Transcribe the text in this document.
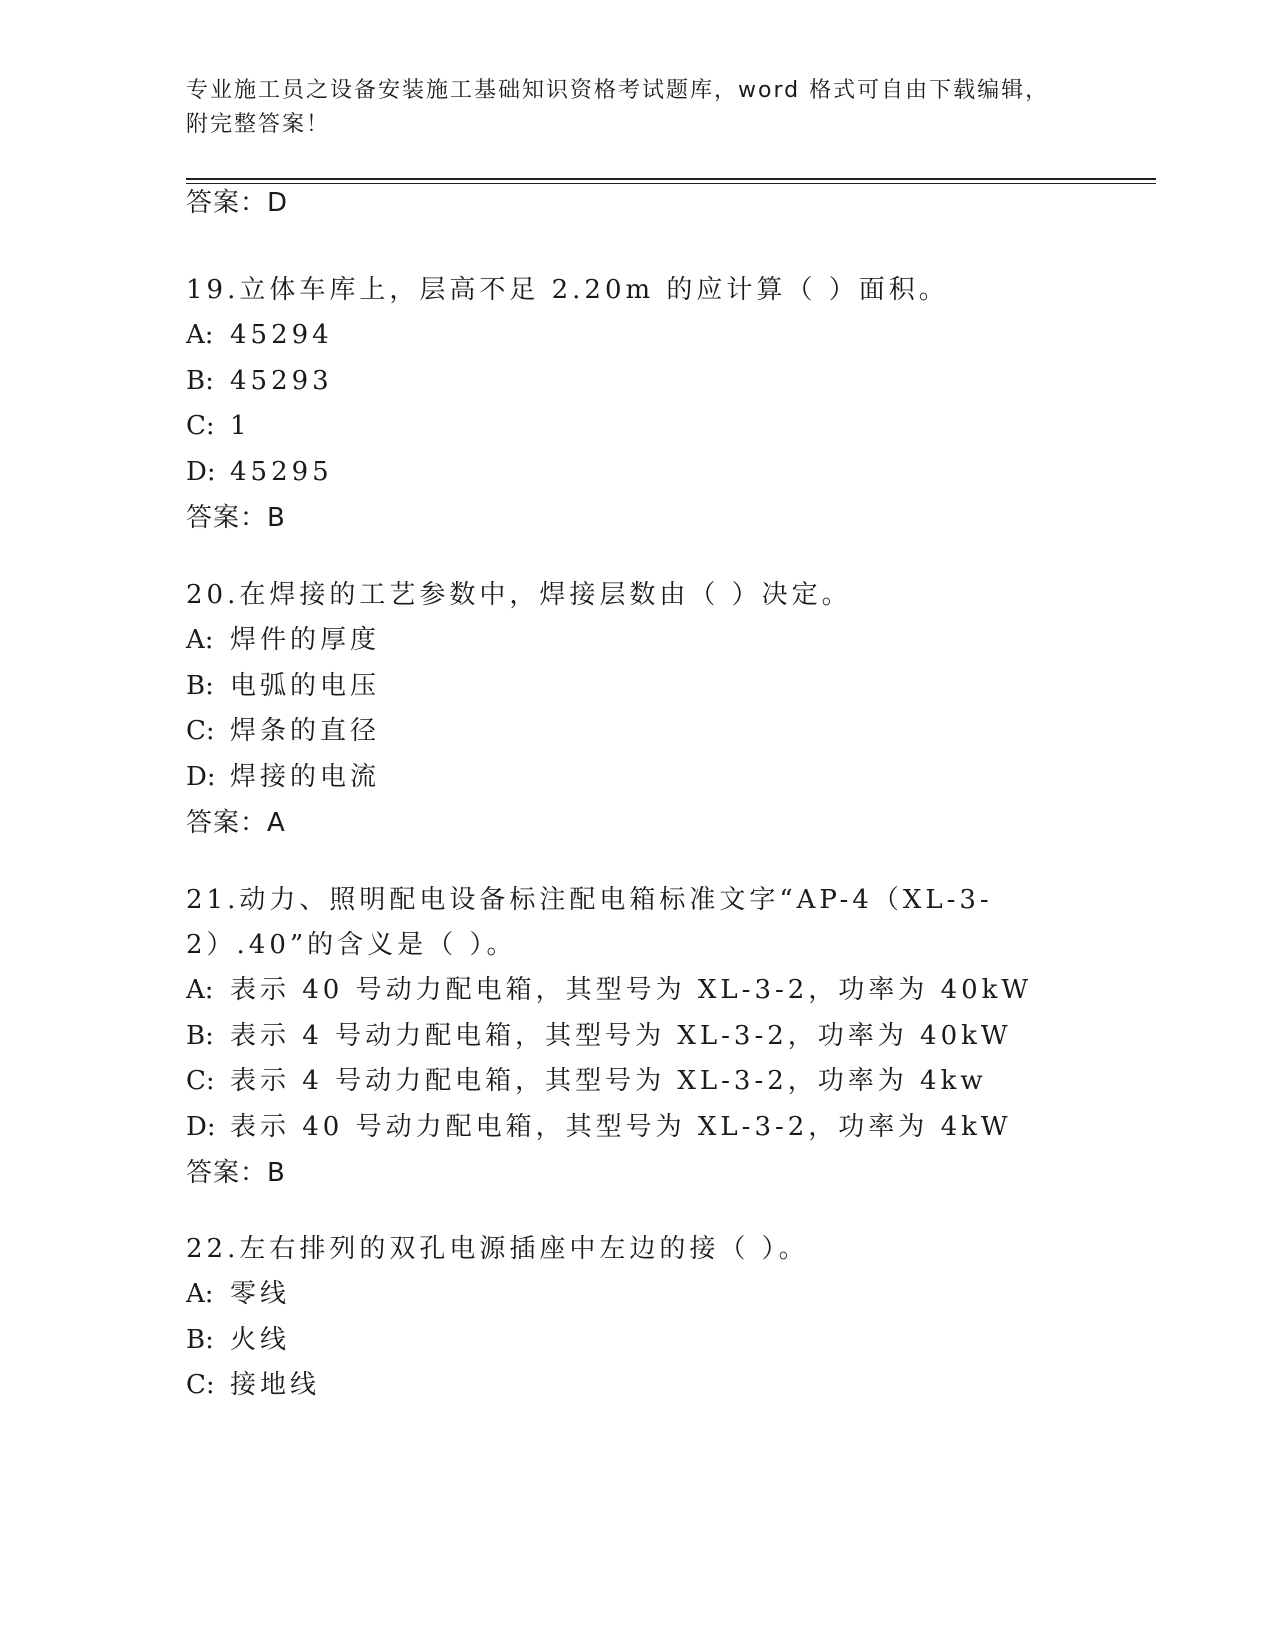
专业施工员之设备安装施工基础知识资格考试题库，word 格式可自由下载编辑，附完整答案！

答案：D

19.立体车库上，层高不足 2.20m 的应计算（ ）面积。

A: 45294

B: 45293

C: 1

D: 45295

答案：B

20.在焊接的工艺参数中，焊接层数由（ ）决定。

A: 焊件的厚度

B: 电弧的电压

C: 焊条的直径

D: 焊接的电流

答案：A

21.动力、照明配电设备标注配电箱标准文字“AP-4（XL-3-2）.40”的含义是（ ）。

A: 表示 40 号动力配电箱，其型号为 XL-3-2，功率为 40kW

B: 表示 4 号动力配电箱，其型号为 XL-3-2，功率为 40kW

C: 表示 4 号动力配电箱，其型号为 XL-3-2，功率为 4kw

D: 表示 40 号动力配电箱，其型号为 XL-3-2，功率为 4kW

答案：B

22.左右排列的双孔电源插座中左边的接（ ）。

A: 零线

B: 火线

C: 接地线
